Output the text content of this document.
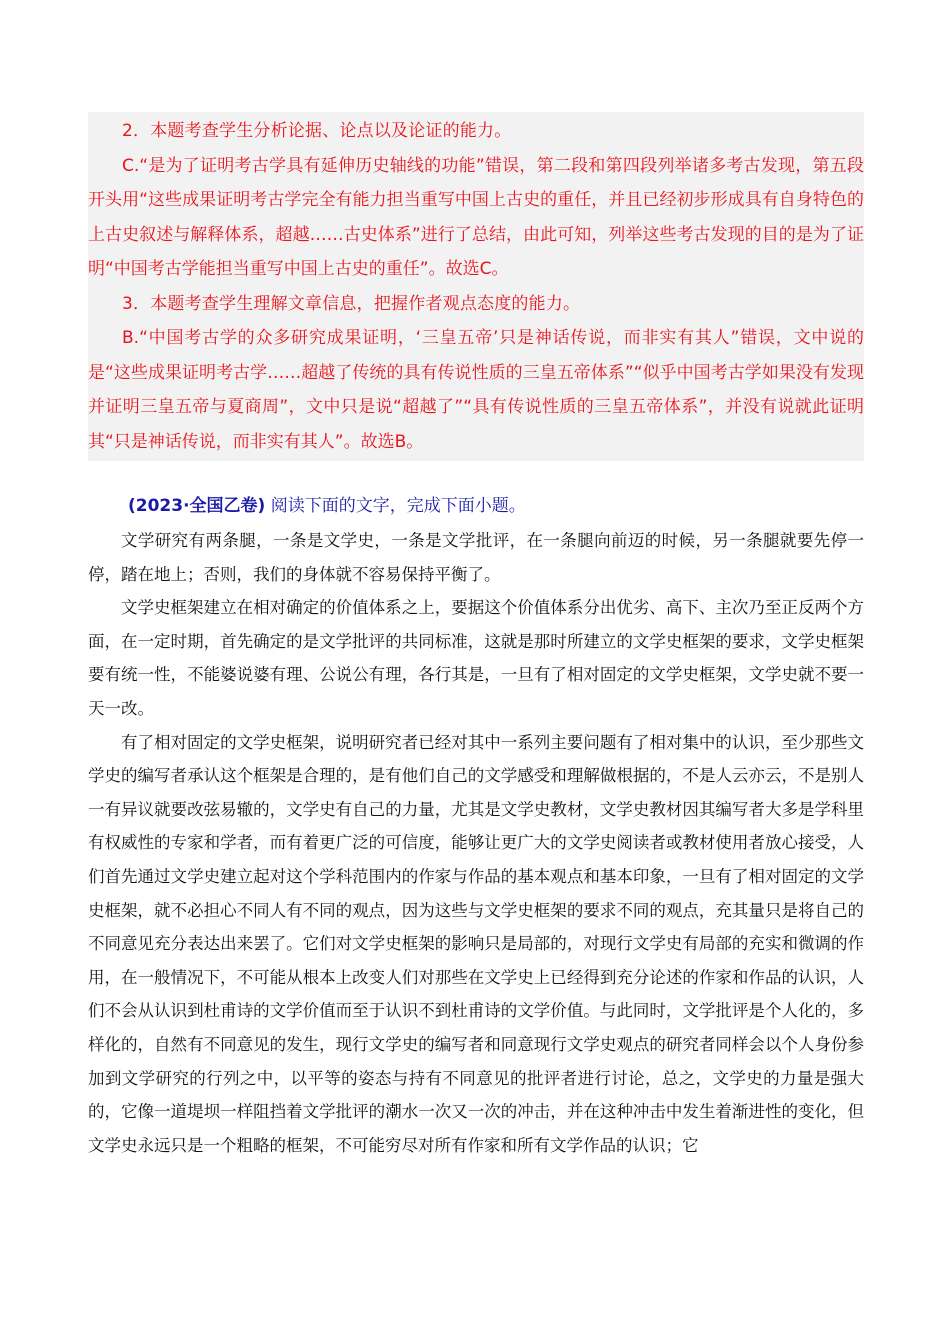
2．本题考查学生分析论据、论点以及论证的能力。

C.“是为了证明考古学具有延伸历史轴线的功能”错误，第二段和第四段列举诸多考古发现，第五段开头用“这些成果证明考古学完全有能力担当重写中国上古史的重任，并且已经初步形成具有自身特色的上古史叙述与解释体系，超越……古史体系”进行了总结，由此可知，列举这些考古发现的目的是为了证明“中国考古学能担当重写中国上古史的重任”。故选C。

3．本题考查学生理解文章信息，把握作者观点态度的能力。

B.“中国考古学的众多研究成果证明，‘三皇五帝’只是神话传说，而非实有其人”错误，文中说的是“这些成果证明考古学……超越了传统的具有传说性质的三皇五帝体系”“似乎中国考古学如果没有发现并证明三皇五帝与夏商周”，文中只是说“超越了”“具有传说性质的三皇五帝体系”，并没有说就此证明其“只是神话传说，而非实有其人”。故选B。

(2023·全国乙卷) 阅读下面的文字，完成下面小题。

文学研究有两条腿，一条是文学史，一条是文学批评，在一条腿向前迈的时候，另一条腿就要先停一停，踏在地上；否则，我们的身体就不容易保持平衡了。

文学史框架建立在相对确定的价值体系之上，要据这个价值体系分出优劣、高下、主次乃至正反两个方面，在一定时期，首先确定的是文学批评的共同标准，这就是那时所建立的文学史框架的要求，文学史框架要有统一性，不能婆说婆有理、公说公有理，各行其是，一旦有了相对固定的文学史框架，文学史就不要一天一改。

有了相对固定的文学史框架，说明研究者已经对其中一系列主要问题有了相对集中的认识，至少那些文学史的编写者承认这个框架是合理的，是有他们自己的文学感受和理解做根据的，不是人云亦云，不是别人一有异议就要改弦易辙的，文学史有自己的力量，尤其是文学史教材，文学史教材因其编写者大多是学科里有权威性的专家和学者，而有着更广泛的可信度，能够让更广大的文学史阅读者或教材使用者放心接受，人们首先通过文学史建立起对这个学科范围内的作家与作品的基本观点和基本印象，一旦有了相对固定的文学史框架，就不必担心不同人有不同的观点，因为这些与文学史框架的要求不同的观点，充其量只是将自己的不同意见充分表达出来罢了。它们对文学史框架的影响只是局部的，对现行文学史有局部的充实和微调的作用，在一般情况下，不可能从根本上改变人们对那些在文学史上已经得到充分论述的作家和作品的认识，人们不会从认识到杜甫诗的文学价值而至于认识不到杜甫诗的文学价值。与此同时，文学批评是个人化的，多样化的，自然有不同意见的发生，现行文学史的编写者和同意现行文学史观点的研究者同样会以个人身份参加到文学研究的行列之中，以平等的姿态与持有不同意见的批评者进行讨论，总之，文学史的力量是强大的，它像一道堤坝一样阻挡着文学批评的潮水一次又一次的冲击，并在这种冲击中发生着渐进性的变化，但文学史永远只是一个粗略的框架，不可能穷尽对所有作家和所有文学作品的认识；它
